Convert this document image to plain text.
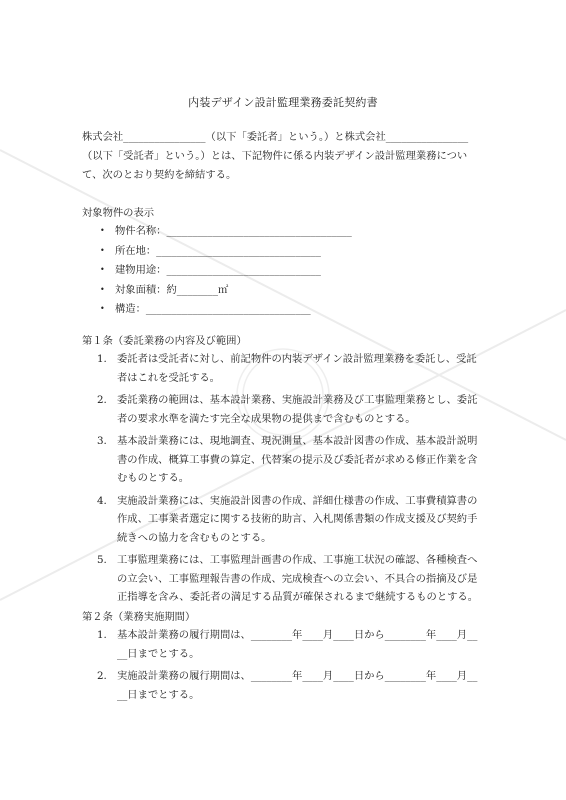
内装デザイン設計監理業務委託契約書
株式会社________________（以下「委託者」という。）と株式会社________________
（以下「受託者」という。）とは、下記物件に係る内装デザイン設計監理業務につい
て、次のとおり契約を締結する。
対象物件の表示
• 物件名称：____________________________________
• 所在地：________________________________
• 建物用途：______________________________
• 対象面積：約________㎡
• 構造：________________________________
第１条（委託業務の内容及び範囲）
1. 委託者は受託者に対し、前記物件の内装デザイン設計監理業務を委託し、受託
者はこれを受託する。
2. 委託業務の範囲は、基本設計業務、実施設計業務及び工事監理業務とし、委託
者の要求水準を満たす完全な成果物の提供まで含むものとする。
3. 基本設計業務には、現地調査、現況測量、基本設計図書の作成、基本設計説明
書の作成、概算工事費の算定、代替案の提示及び委託者が求める修正作業を含
むものとする。
4. 実施設計業務には、実施設計図書の作成、詳細仕様書の作成、工事費積算書の
作成、工事業者選定に関する技術的助言、入札関係書類の作成支援及び契約手
続きへの協力を含むものとする。
5. 工事監理業務には、工事監理計画書の作成、工事施工状況の確認、各種検査へ
の立会い、工事監理報告書の作成、完成検査への立会い、不具合の指摘及び是
正指導を含み、委託者の満足する品質が確保されるまで継続するものとする。
第２条（業務実施期間）
1. 基本設計業務の履行期間は、________年____月____日から________年____月__
__日までとする。
2. 実施設計業務の履行期間は、________年____月____日から________年____月__
__日までとする。
